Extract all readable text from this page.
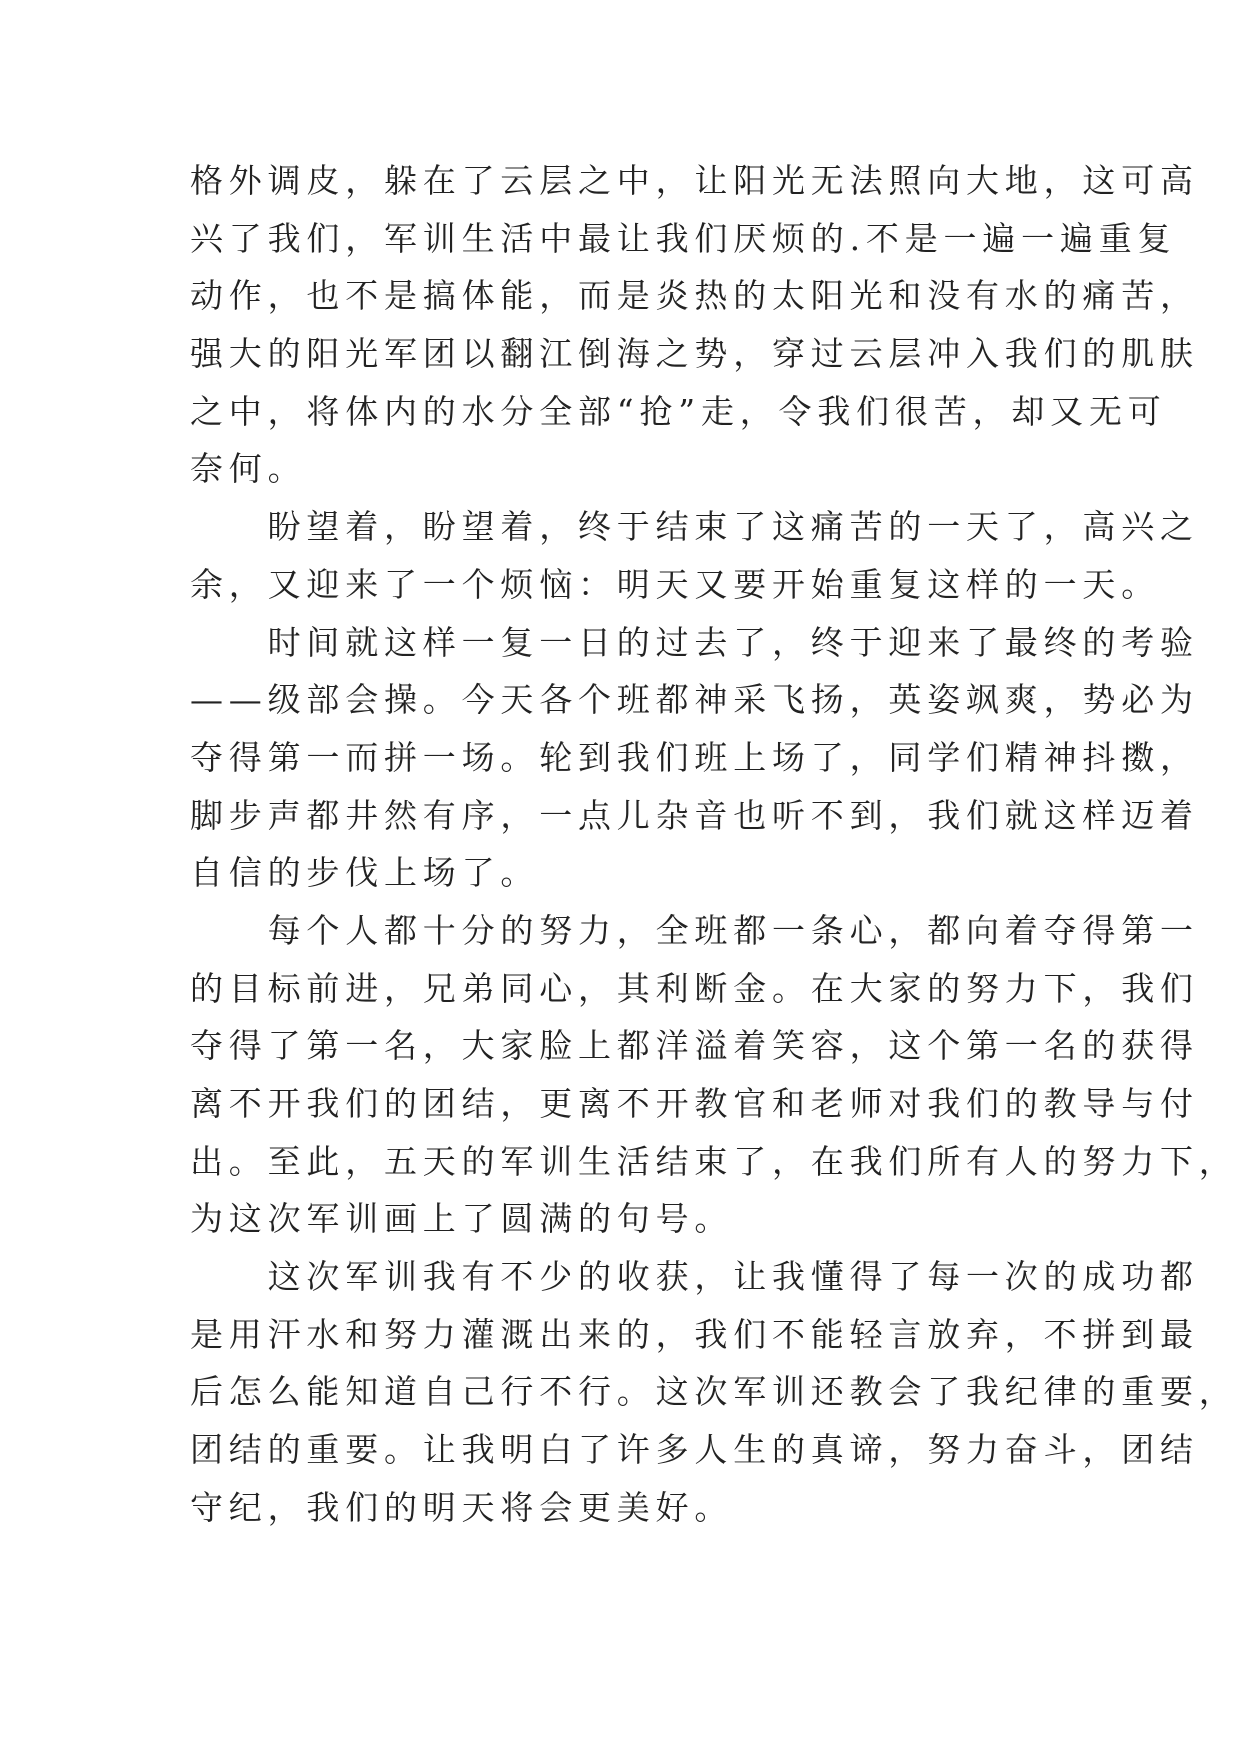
格外调皮，躲在了云层之中，让阳光无法照向大地，这可高
兴了我们，军训生活中最让我们厌烦的.不是一遍一遍重复
动作，也不是搞体能，而是炎热的太阳光和没有水的痛苦，
强大的阳光军团以翻江倒海之势，穿过云层冲入我们的肌肤
之中，将体内的水分全部“抢”走，令我们很苦，却又无可
奈何。
　　盼望着，盼望着，终于结束了这痛苦的一天了，高兴之
余，又迎来了一个烦恼：明天又要开始重复这样的一天。
　　时间就这样一复一日的过去了，终于迎来了最终的考验
——级部会操。今天各个班都神采飞扬，英姿飒爽，势必为
夺得第一而拼一场。轮到我们班上场了，同学们精神抖擞，
脚步声都井然有序，一点儿杂音也听不到，我们就这样迈着
自信的步伐上场了。
　　每个人都十分的努力，全班都一条心，都向着夺得第一
的目标前进，兄弟同心，其利断金。在大家的努力下，我们
夺得了第一名，大家脸上都洋溢着笑容，这个第一名的获得
离不开我们的团结，更离不开教官和老师对我们的教导与付
出。至此，五天的军训生活结束了，在我们所有人的努力下，
为这次军训画上了圆满的句号。
　　这次军训我有不少的收获，让我懂得了每一次的成功都
是用汗水和努力灌溉出来的，我们不能轻言放弃，不拼到最
后怎么能知道自己行不行。这次军训还教会了我纪律的重要，
团结的重要。让我明白了许多人生的真谛，努力奋斗，团结
守纪，我们的明天将会更美好。
